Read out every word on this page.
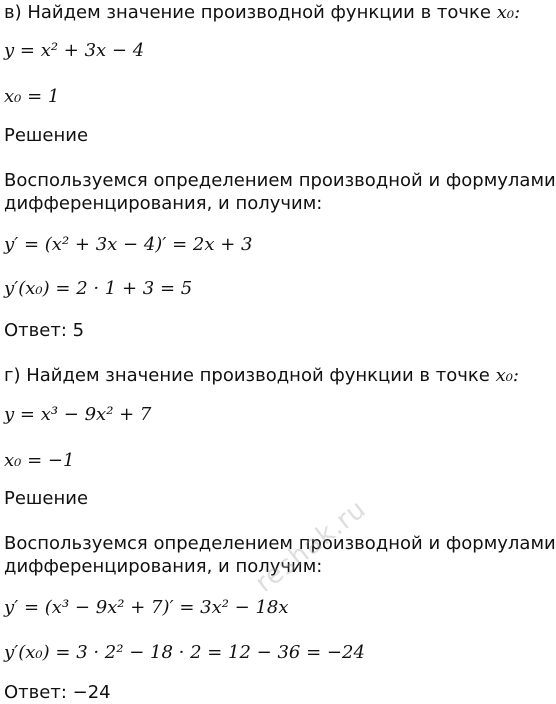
в) Найдем значение производной функции в точке x₀:
y = x² + 3x − 4
x₀ = 1
Решение
Воспользуемся определением производной и формулами
дифференцирования, и получим:
y′ = (x² + 3x − 4)′ = 2x + 3
y′(x₀) = 2 · 1 + 3 = 5
Ответ: 5
г) Найдем значение производной функции в точке x₀:
y = x³ − 9x² + 7
x₀ = −1
Решение
Воспользуемся определением производной и формулами
дифференцирования, и получим:
y′ = (x³ − 9x² + 7)′ = 3x² − 18x
y′(x₀) = 3 · 2² − 18 · 2 = 12 − 36 = −24
Ответ: −24
reshak.ru
